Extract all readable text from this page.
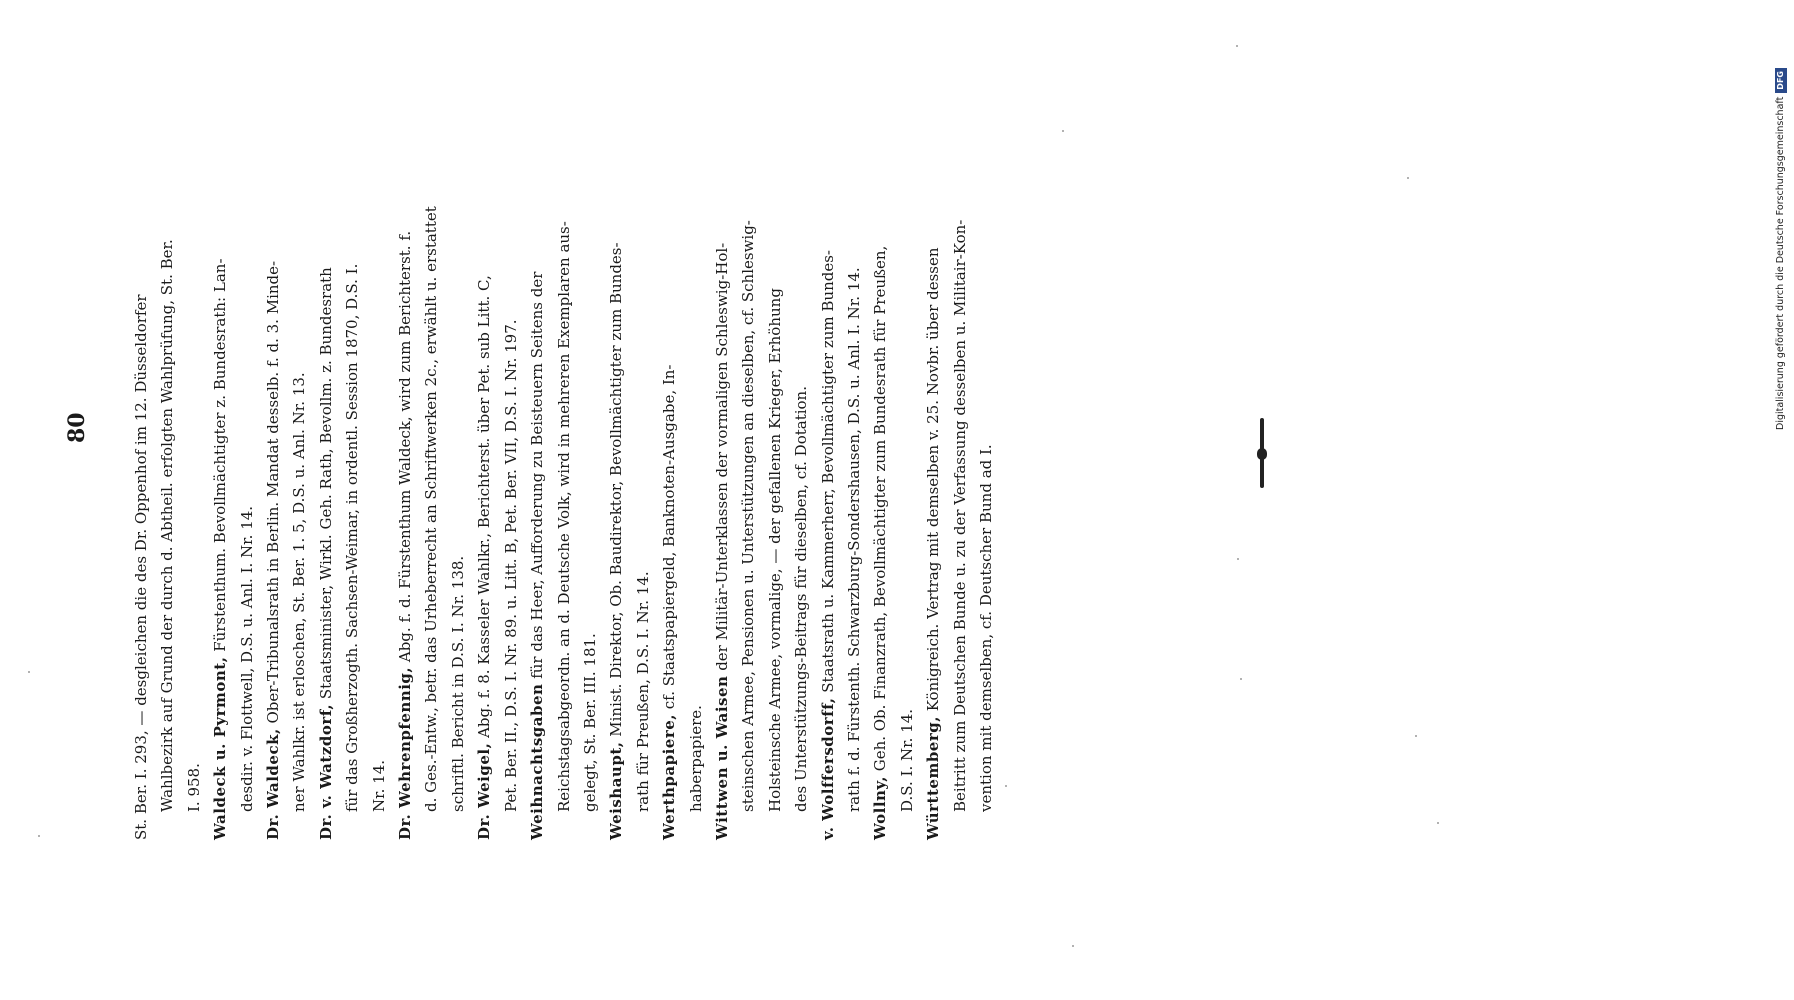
80	St. Ber. I. 293, — desgleichen die des Dr. Oppenhof im 12. Düsseldorfer Wahlbezirk auf Grund der durch d. Abtheil. erfolgten Wahlprüfung, St. Ber. I. 958. Waldeck u. Pyrmont, Fürstenthum. Bevollmächtigter z. Bundesrath: Lan-
desdir. v. Flottwell, D.S. u. Anl. I. Nr. 14. Dr. Waldeck, Ober-Tribunalsrath in Berlin. Mandat desselb. f. d. 3. Minde- ner Wahlkr. ist erloschen, St. Ber. 1. 5, D.S. u. Anl. Nr. 13. Dr. v. Watzdorf, Staatsminister, Wirkl. Geh. Rath, Bevollm. z. Bundesrath für das Großherzogth. Sachsen-Weimar, in ordentl. Session 1870, D.S. I. Nr. 14. Dr. Wehrenpfennig, Abg. f. d. Fürstenthum Waldeck, wird zum Berichterst. f. d. Ges.-Entw., betr. das Urheberrecht an Schriftwerken 2c., erwählt u. erstattet schriftl. Bericht in D.S. I. Nr. 138. Dr. Weigel, Abg. f. 8. Kasseler Wahlkr., Berichterst. über Pet. sub Litt. C, Pet. Ber. II., D.S. I. Nr. 89. u. Litt. B, Pet. Ber. VII, D.S. I. Nr. 197. Weihnachtsgaben für das Heer, Aufforderung zu Beisteuern Seitens der Reichstagsabgeordn. an d. Deutsche Volk, wird in mehreren Exemplaren aus- gelegt, St. Ber. III. 181. Weishaupt, Minist. Direktor, Ob. Baudirektor, Bevollmächtigter zum Bundes- rath für Preußen, D.S. I. Nr. 14. Werthpapiere, cf. Staatspapiergeld, Banknoten-Ausgabe, In-
haberpapiere. Wittwen u. Waisen der Militär-Unterklassen der vormaligen Schleswig-Hol- steinschen Armee, Pensionen u. Unterstützungen an dieselben, cf. Schleswig- Holsteinsche Armee, vormalige, — der gefallenen Krieger, Erhöhung des Unterstützungs-Beitrags für dieselben, cf. Dotation. v. Wolffersdorff, Staatsrath u. Kammerherr, Bevollmächtigter zum Bundes- rath f. d. Fürstenth. Schwarzburg-Sondershausen, D.S. u. Anl. I. Nr. 14. Wollny, Geh. Ob. Finanzrath, Bevollmächtigter zum Bundesrath für Preußen, D.S. I. Nr. 14. Württemberg, Königreich. Vertrag mit demselben v. 25. Novbr. über dessen Beitritt zum Deutschen Bunde u. zu der Verfassung desselben u. Militair-Kon- vention mit demselben, cf. Deutscher Bund ad I.
Digitalisierung gefördert durch die Deutsche ForschungsgemeinschaftDFG
